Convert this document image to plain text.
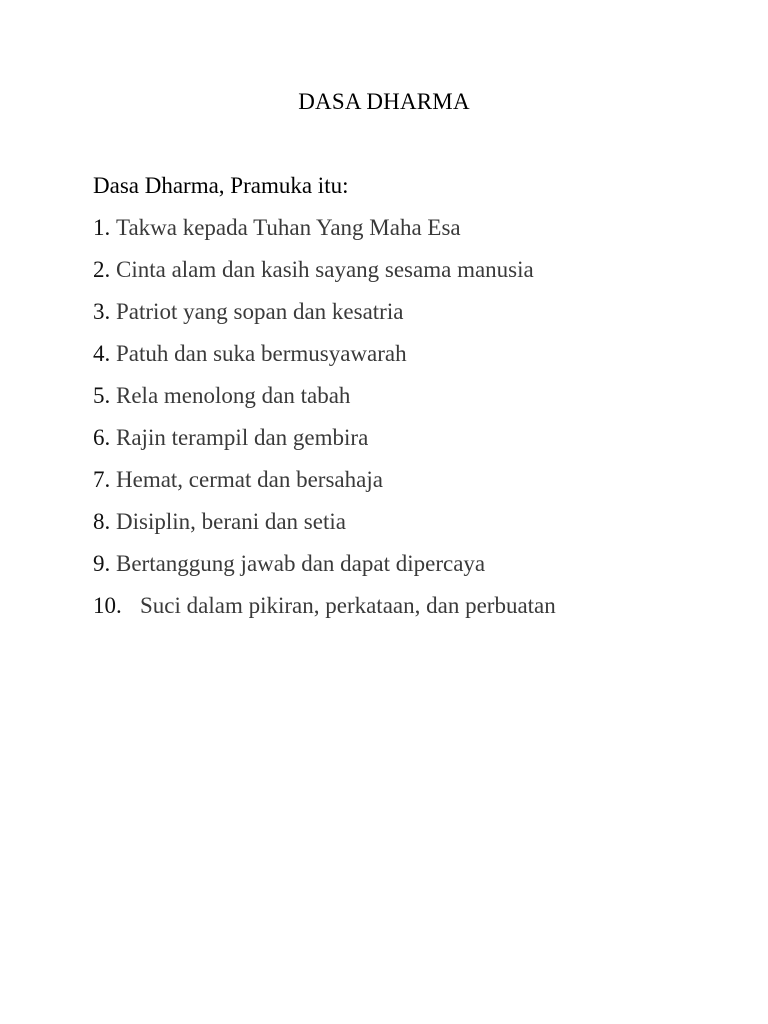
DASA DHARMA
Dasa Dharma, Pramuka itu:
1. Takwa kepada Tuhan Yang Maha Esa
2. Cinta alam dan kasih sayang sesama manusia
3. Patriot yang sopan dan kesatria
4. Patuh dan suka bermusyawarah
5. Rela menolong dan tabah
6. Rajin terampil dan gembira
7. Hemat, cermat dan bersahaja
8. Disiplin, berani dan setia
9. Bertanggung jawab dan dapat dipercaya
10. Suci dalam pikiran, perkataan, dan perbuatan
